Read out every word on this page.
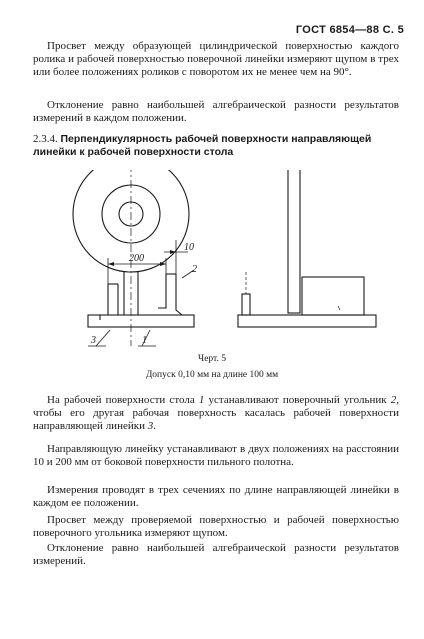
ГОСТ 6854—88 С. 5
Просвет между образующей цилиндрической поверхностью каждого ролика и рабочей поверхностью поверочной линейки измеряют щупом в трех или более положениях роликов с поворотом их не менее чем на 90°.
Отклонение равно наибольшей алгебраической разности результатов измерений в каждом положении.
2.3.4. Перпендикулярность рабочей поверхности направляющей линейки к рабочей поверхности стола
10
200
2
3	1
Черт. 5
Допуск 0,10 мм на длине 100 мм
На рабочей поверхности стола 1 устанавливают поверочный угольник 2, чтобы его другая рабочая поверхность касалась рабочей поверхности направляющей линейки 3.
Направляющую линейку устанавливают в двух положениях на расстоянии 10 и 200 мм от боковой поверхности пильного полотна.
Измерения проводят в трех сечениях по длине направляющей линейки в каждом ее положении.
Просвет между проверяемой поверхностью и рабочей поверхностью поверочного угольника измеряют щупом.
Отклонение равно наибольшей алгебраической разности результатов измерений.
